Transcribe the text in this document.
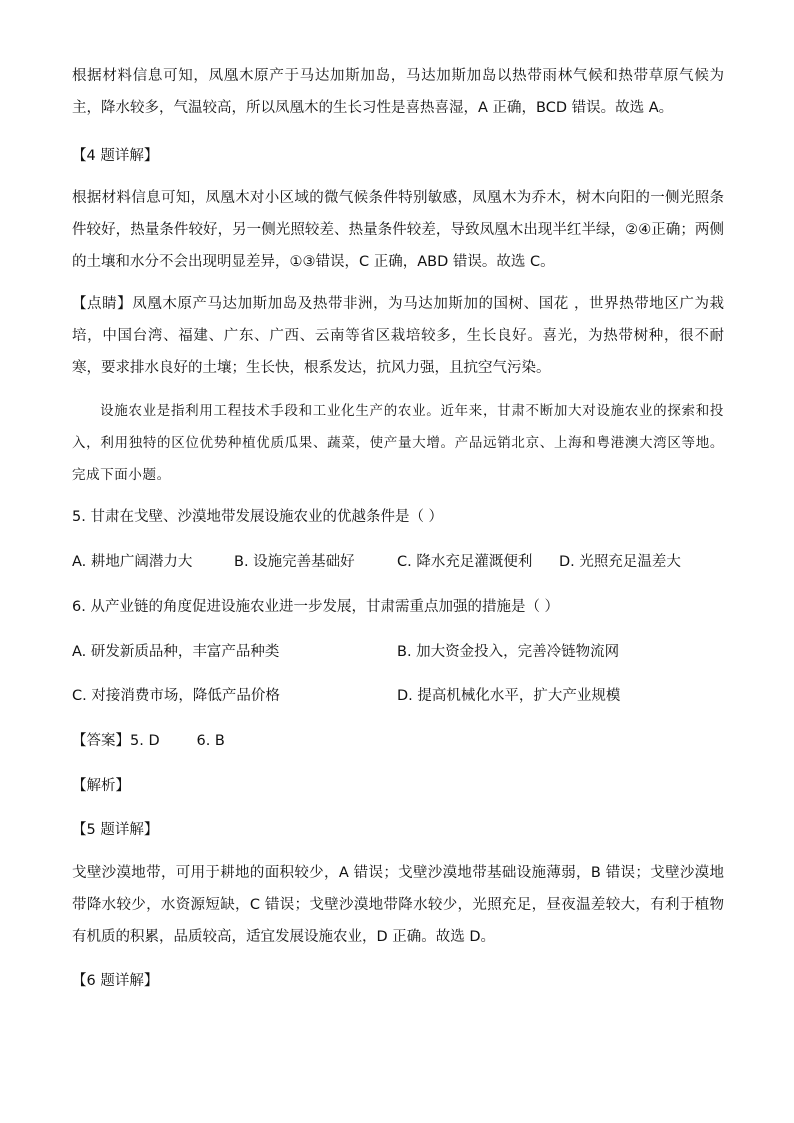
根据材料信息可知，凤凰木原产于马达加斯加岛，马达加斯加岛以热带雨林气候和热带草原气候为主，降水较多，气温较高，所以凤凰木的生长习性是喜热喜湿，A 正确，BCD 错误。故选 A。
【4 题详解】
根据材料信息可知，凤凰木对小区域的微气候条件特别敏感，凤凰木为乔木，树木向阳的一侧光照条件较好，热量条件较好，另一侧光照较差、热量条件较差，导致凤凰木出现半红半绿，②④正确；两侧的土壤和水分不会出现明显差异，①③错误，C 正确，ABD 错误。故选 C。
【点睛】凤凰木原产马达加斯加岛及热带非洲，为马达加斯加的国树、国花 ，世界热带地区广为栽培，中国台湾、福建、广东、广西、云南等省区栽培较多，生长良好。喜光，为热带树种，很不耐寒，要求排水良好的土壤；生长快，根系发达，抗风力强，且抗空气污染。
设施农业是指利用工程技术手段和工业化生产的农业。近年来，甘肃不断加大对设施农业的探索和投入，利用独特的区位优势种植优质瓜果、蔬菜，使产量大增。产品远销北京、上海和粤港澳大湾区等地。完成下面小题。
5. 甘肃在戈壁、沙漠地带发展设施农业的优越条件是（ ）
A. 耕地广阔潜力大	B. 设施完善基础好	C. 降水充足灌溉便利 D. 光照充足温差大
6. 从产业链的角度促进设施农业进一步发展，甘肃需重点加强的措施是（ ）
A. 研发新质品种，丰富产品种类	B. 加大资金投入，完善冷链物流网
C. 对接消费市场，降低产品价格	D. 提高机械化水平，扩大产业规模
【答案】5. D        6. B
【解析】
【5 题详解】
戈壁沙漠地带，可用于耕地的面积较少，A 错误；戈壁沙漠地带基础设施薄弱，B 错误；戈壁沙漠地带降水较少，水资源短缺，C 错误；戈壁沙漠地带降水较少，光照充足，昼夜温差较大，有利于植物有机质的积累，品质较高，适宜发展设施农业，D 正确。故选 D。
【6 题详解】
